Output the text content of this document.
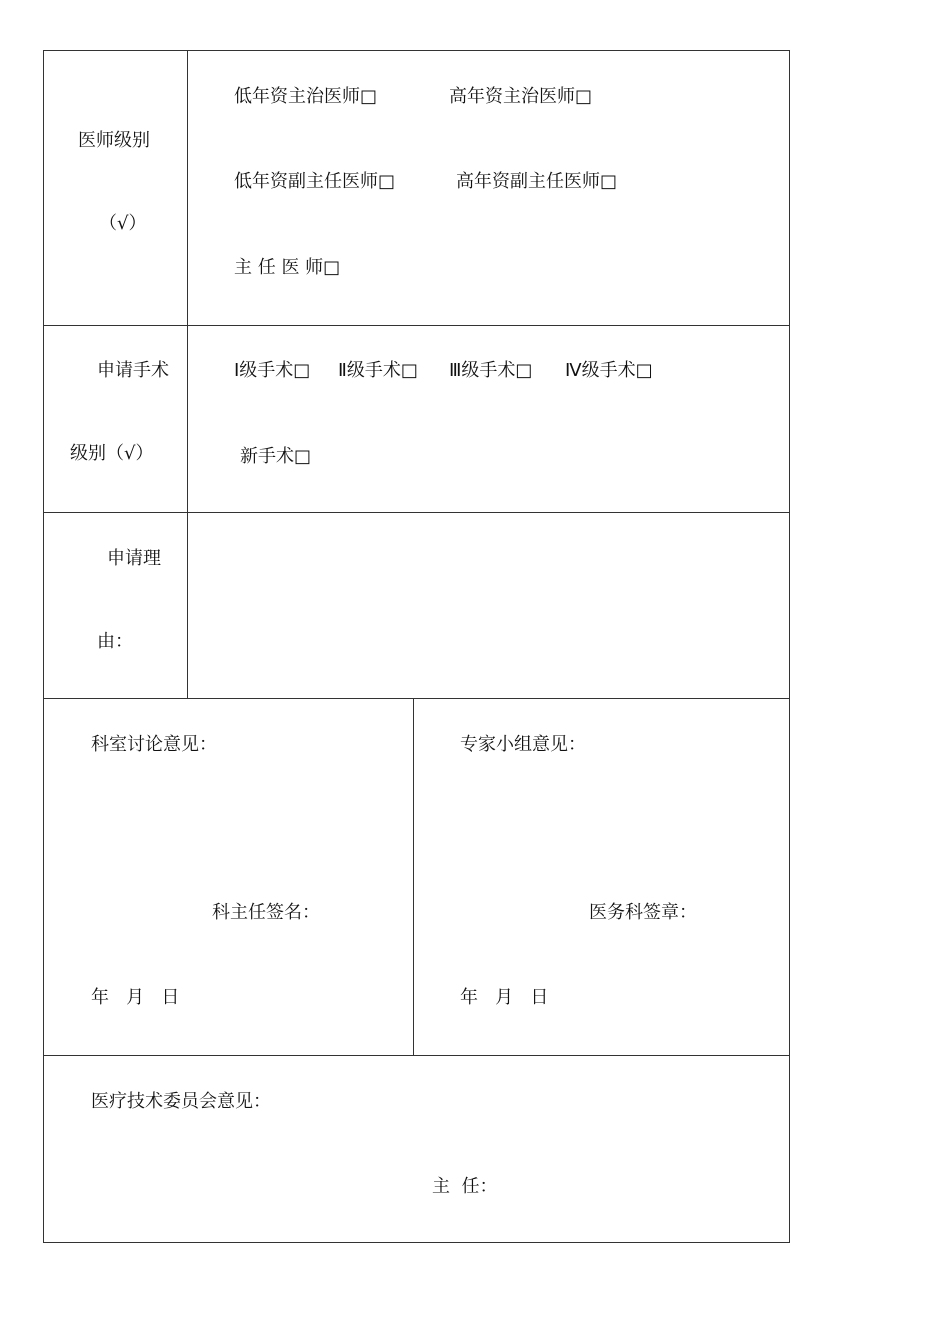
医师级别
（√）
低年资主治医师□	高年资主治医师□
低年资副主任医师□	高年资副主任医师□
主 任 医 师□
申请手术
级别（√）
Ⅰ级手术□ Ⅱ级手术□ Ⅲ级手术□ Ⅳ级手术□
新手术□
申请理
由：
科室讨论意见：
科主任签名：
年   月   日
专家小组意见：
医务科签章：
年   月   日
医疗技术委员会意见：
主  任：
